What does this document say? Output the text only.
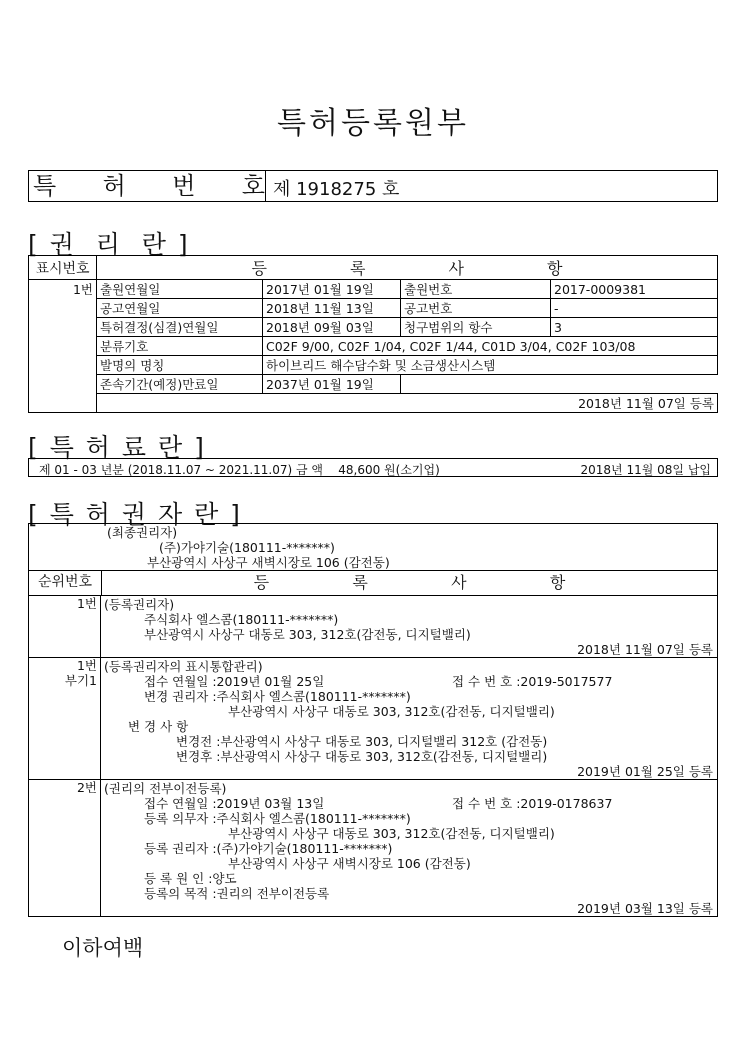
특허등록원부
특 허 번 호 제 1918275 호
[ 권  리  란 ]
표시번호	등 록 사 항			

1번	출원연월일	2017년 01월 19일	출원번호	2017-0009381
	공고연월일	2018년 11월 13일	공고번호	-
	특허결정(심결)연월일	2018년 09월 03일	청구범위의 항수	3
	분류기호	C02F 9/00, C02F 1/04, C02F 1/44, C01D 3/04, C02F 103/08		
	발명의 명칭	하이브리드 해수담수화 및 소금생산시스템		
	존속기간(예정)만료일	2037년 01월 19일		
	2018년 11월 07일 등록			
[ 특 허 료 란 ]
제 01 - 03 년분 (2018.11.07 ~ 2021.11.07) 금 액    48,600 원(소기업)	2018년 11월 08일 납입
[ 특 허 권 자 란 ]
(최종권리자)
(주)가야기술(180111-*******)
부산광역시 사상구 새벽시장로 106 (감전동)
순위번호	등	록	사	항
1번 (등록권리자)
주식회사 엘스콤(180111-*******)
부산광역시 사상구 대동로 303, 312호(감전동, 디지털밸리)
2018년 11월 07일 등록
1번
부기1
(등록권리자의 표시통합관리)
접수 연월일 :2019년 01월 25일	접 수 번 호 :2019-5017577
변경 권리자 :주식회사 엘스콤(180111-*******)
부산광역시 사상구 대동로 303, 312호(감전동, 디지털밸리)
변 경 사 항
변경전 :부산광역시 사상구 대동로 303, 디지털밸리 312호 (감전동)
변경후 :부산광역시 사상구 대동로 303, 312호(감전동, 디지털밸리)
2019년 01월 25일 등록
2번 (권리의 전부이전등록)
접수 연월일 :2019년 03월 13일	접 수 번 호 :2019-0178637
등록 의무자 :주식회사 엘스콤(180111-*******)
부산광역시 사상구 대동로 303, 312호(감전동, 디지털밸리)
등록 권리자 :(주)가야기술(180111-*******)
부산광역시 사상구 새벽시장로 106 (감전동)
등 록 원 인 :양도
등록의 목적 :권리의 전부이전등록
2019년 03월 13일 등록
이하여백
